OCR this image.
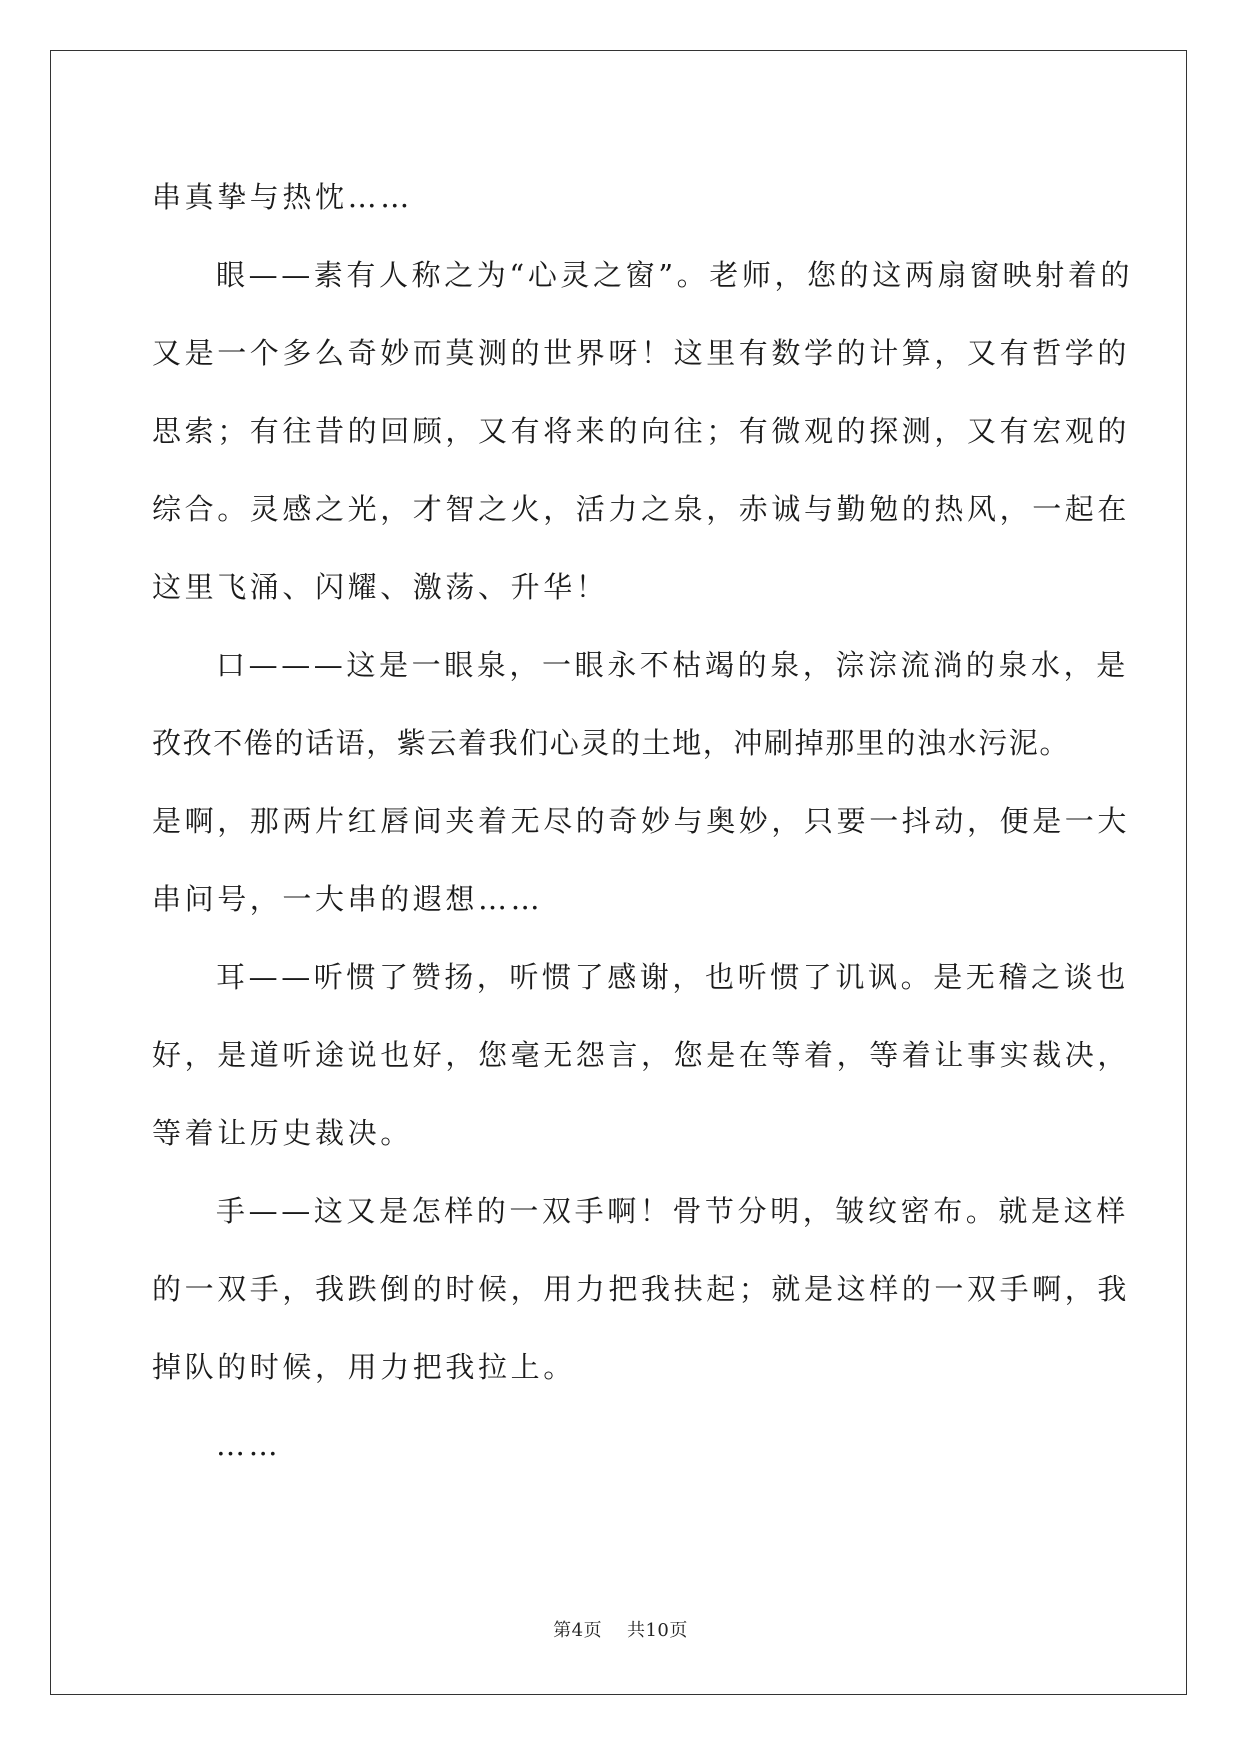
串真挚与热忱……
眼——素有人称之为“心灵之窗”。老师，您的这两扇窗映射着的
又是一个多么奇妙而莫测的世界呀！这里有数学的计算，又有哲学的
思索；有往昔的回顾，又有将来的向往；有微观的探测，又有宏观的
综合。灵感之光，才智之火，活力之泉，赤诚与勤勉的热风，一起在
这里飞涌、闪耀、激荡、升华！
口———这是一眼泉，一眼永不枯竭的泉，淙淙流淌的泉水，是
孜孜不倦的话语，紫云着我们心灵的土地，冲刷掉那里的浊水污泥。
是啊，那两片红唇间夹着无尽的奇妙与奥妙，只要一抖动，便是一大
串问号，一大串的遐想……
耳——听惯了赞扬，听惯了感谢，也听惯了讥讽。是无稽之谈也
好，是道听途说也好，您毫无怨言，您是在等着，等着让事实裁决，
等着让历史裁决。
手——这又是怎样的一双手啊！骨节分明，皱纹密布。就是这样
的一双手，我跌倒的时候，用力把我扶起；就是这样的一双手啊，我
掉队的时候，用力把我拉上。
……
第4页 共10页
